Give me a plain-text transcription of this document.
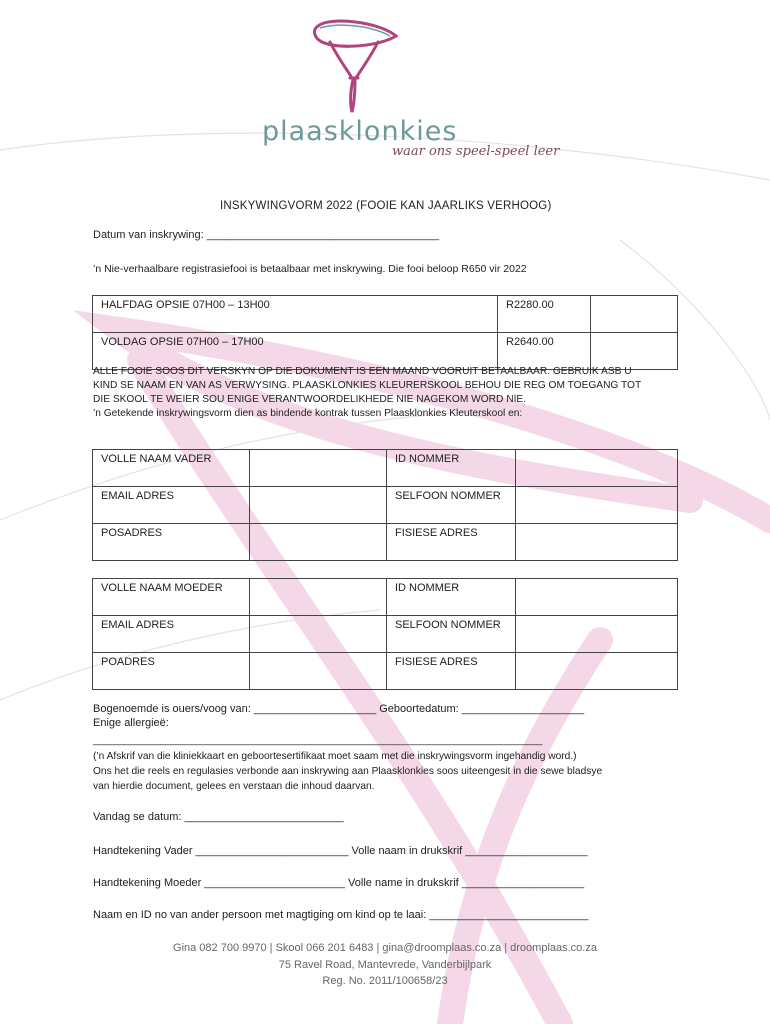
plaasklonkies
waar ons speel-speel leer
INSKYWINGVORM 2022 (FOOIE KAN JAARLIKS VERHOOG)
Datum van inskrywing: ______________________________________
’n Nie-verhaalbare registrasiefooi is betaalbaar met inskrywing. Die fooi beloop R650 vir 2022
HALFDAG OPSIE 07H00 – 13H00	R2280.00	
VOLDAG OPSIE 07H00 – 17H00	R2640.00	
ALLE FOOIE SOOS DIT VERSKYN OP DIE DOKUMENT IS EEN MAAND VOORUIT BETAALBAAR. GEBRUIK ASB U
KIND SE NAAM EN VAN AS VERWYSING. PLAASKLONKIES KLEURERSKOOL BEHOU DIE REG OM TOEGANG TOT
DIE SKOOL TE WEIER SOU ENIGE VERANTWOORDELIKHEDE NIE NAGEKOM WORD NIE.
’n Getekende inskrywingsvorm dien as bindende kontrak tussen Plaasklonkies Kleuterskool en:
VOLLE NAAM VADER		ID NOMMER	
EMAIL ADRES		SELFOON NOMMER	
POSADRES		FISIESE ADRES	
VOLLE NAAM MOEDER		ID NOMMER	
EMAIL ADRES		SELFOON NOMMER	
POADRES		FISIESE ADRES	
Bogenoemde is ouers/voog van: ____________________ Geboortedatum: ____________________
Enige allergieë:
_______________________________________________________________________________________
(’n Afskrif van die kliniekkaart en geboortesertifikaat moet saam met die inskrywingsvorm ingehandig word.)
Ons het die reels en regulasies verbonde aan inskrywing aan Plaasklonkies soos uiteengesit in die sewe bladsye
van hierdie document, gelees en verstaan die inhoud daarvan.
Vandag se datum: __________________________
Handtekening Vader _________________________ Volle naam in drukskrif ____________________
Handtekening Moeder _______________________ Volle name in drukskrif ____________________
Naam en ID no van ander persoon met magtiging om kind op te laai: __________________________
Gina 082 700 9970 | Skool 066 201 6483 | gina@droomplaas.co.za | droomplaas.co.za
75 Ravel Road, Mantevrede, Vanderbijlpark
Reg. No. 2011/100658/23
